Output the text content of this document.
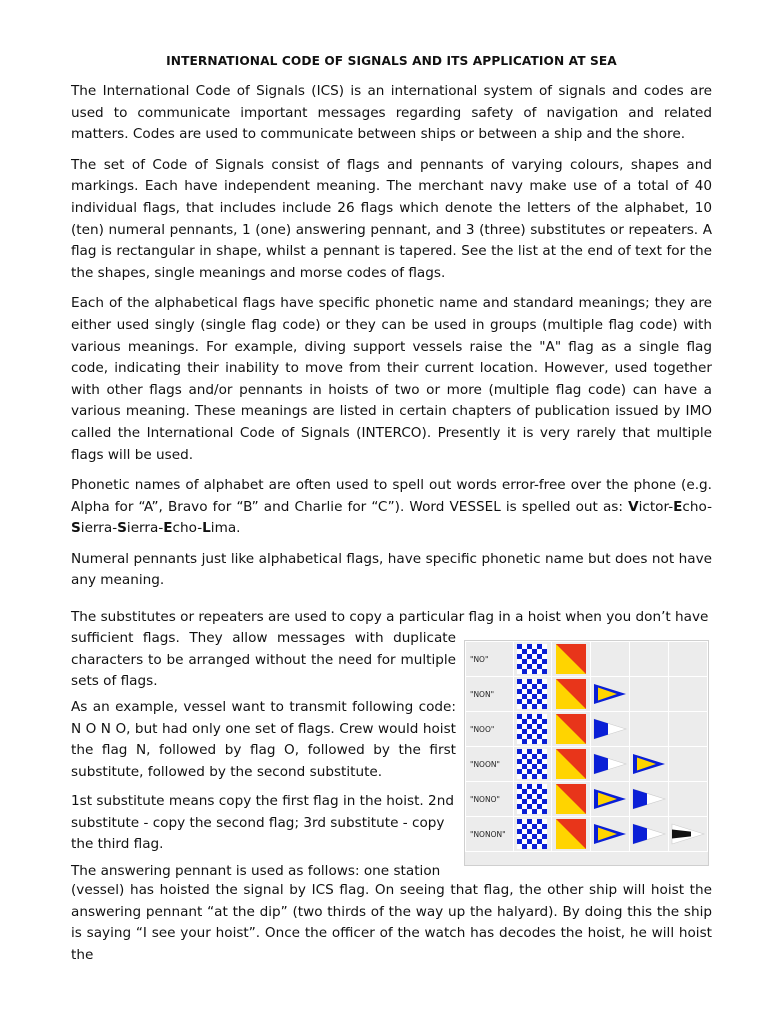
INTERNATIONAL CODE OF SIGNALS AND ITS APPLICATION AT SEA

The International Code of Signals (ICS) is an international system of signals and codes are used to communicate important messages regarding safety of navigation and related matters. Codes are used to communicate between ships or between a ship and the shore.

The set of Code of Signals consist of flags and pennants of varying colours, shapes and markings. Each have independent meaning. The merchant navy make use of a total of 40 individual flags, that includes include 26 flags which denote the letters of the alphabet, 10 (ten) numeral pennants, 1 (one) answering pennant, and 3 (three) substitutes or repeaters. A flag is rectangular in shape, whilst a pennant is tapered. See the list at the end of text for the the shapes, single meanings and morse codes of flags.

Each of the alphabetical flags have specific phonetic name and standard meanings; they are either used singly (single flag code) or they can be used in groups (multiple flag code) with various meanings. For example, diving support vessels raise the "A" flag as a single flag code, indicating their inability to move from their current location. However, used together with other flags and/or pennants in hoists of two or more (multiple flag code) can have a various meaning. These meanings are listed in certain chapters of publication issued by IMO called the International Code of Signals (INTERCO). Presently it is very rarely that multiple flags will be used.

Phonetic names of alphabet are often used to spell out words error-free over the phone (e.g. Alpha for “A”, Bravo for “B” and Charlie for “C”). Word VESSEL is spelled out as: Victor-Echo-Sierra-Sierra-Echo-Lima.

Numeral pennants just like alphabetical flags, have specific phonetic name but does not have any meaning.

The substitutes or repeaters are used to copy a particular flag in a hoist when you don’t have

sufficient flags. They allow messages with duplicate characters to be arranged without the need for multiple sets of flags.

As an example, vessel want to transmit following code: N O N O, but had only one set of flags. Crew would hoist the flag N, followed by flag O, followed by the first substitute, followed by the second substitute.

1st substitute means copy the first flag in the hoist. 2nd substitute - copy the second flag; 3rd substitute - copy the third flag.

The answering pennant is used as follows: one station

(vessel) has hoisted the signal by ICS flag. On seeing that flag, the other ship will hoist the answering pennant “at the dip” (two thirds of the way up the halyard). By doing this the ship is saying “I see your hoist”. Once the officer of the watch has decodes the hoist, he will hoist the

"NO"	

"NON"	

"NOO"	

"NOON"	

"NONO"	

"NONON"	
